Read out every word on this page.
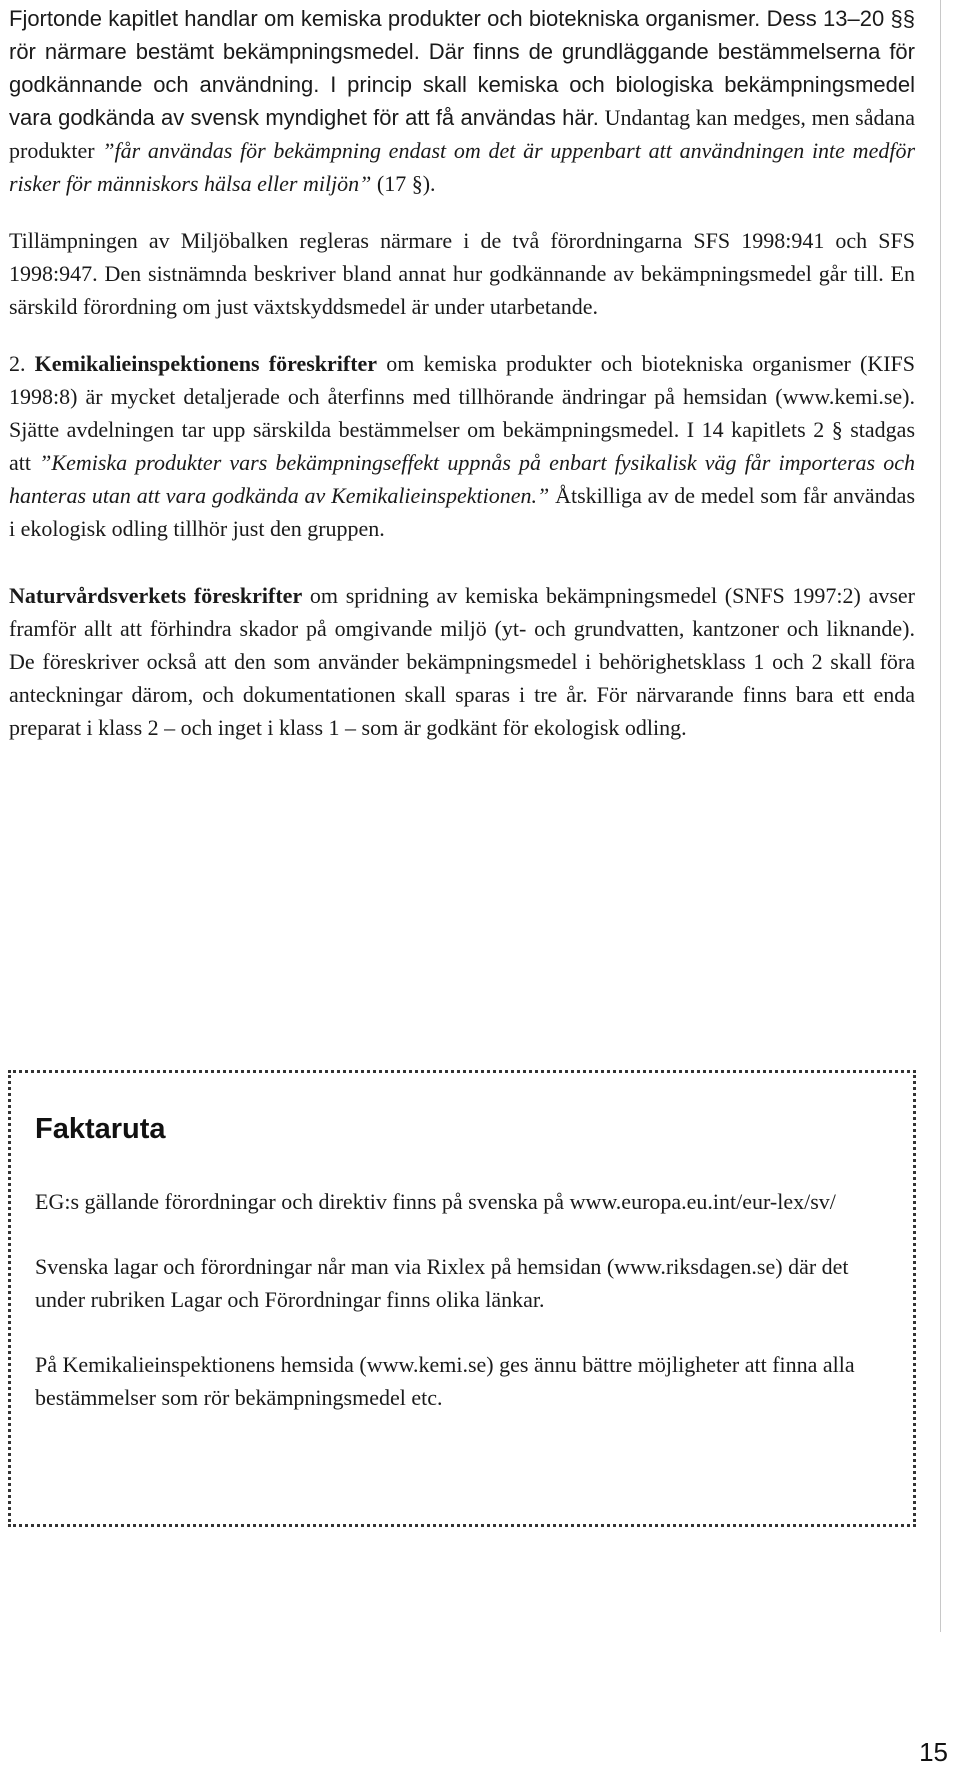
Fjortonde kapitlet handlar om kemiska produkter och biotekniska organismer. Dess 13–20 §§ rör närmare bestämt bekämpningsmedel. Där finns de grundläggande bestämmelserna för godkännande och användning. I princip skall kemiska och biologiska bekämpningsmedel vara godkända av svensk myndighet för att få användas här. Undantag kan medges, men sådana produkter ”får användas för bekämpning endast om det är uppenbart att användningen inte medför risker för människors hälsa eller miljön” (17 §).

Tillämpningen av Miljöbalken regleras närmare i de två förordningarna SFS 1998:941 och SFS 1998:947. Den sistnämnda beskriver bland annat hur godkännande av bekämpningsmedel går till. En särskild förordning om just växtskyddsmedel är under utarbetande.

2. Kemikalieinspektionens föreskrifter om kemiska produkter och biotekniska organismer (KIFS 1998:8) är mycket detaljerade och återfinns med tillhörande ändringar på hemsidan (www.kemi.se). Sjätte avdelningen tar upp särskilda bestämmelser om bekämpningsmedel. I 14 kapitlets 2 § stadgas att ”Kemiska produkter vars bekämpningseffekt uppnås på enbart fysikalisk väg får importeras och hanteras utan att vara godkända av Kemikalieinspektionen.” Åtskilliga av de medel som får användas i ekologisk odling tillhör just den gruppen.

Naturvårdsverkets föreskrifter om spridning av kemiska bekämpningsmedel (SNFS 1997:2) avser framför allt att förhindra skador på omgivande miljö (yt- och grundvatten, kantzoner och liknande). De föreskriver också att den som använder bekämpningsmedel i behörighetsklass 1 och 2 skall föra anteckningar därom, och dokumentationen skall sparas i tre år. För närvarande finns bara ett enda preparat i klass 2 – och inget i klass 1 – som är godkänt för ekologisk odling.

Faktaruta

EG:s gällande förordningar och direktiv finns på svenska på www.europa.eu.int/eur-lex/sv/

Svenska lagar och förordningar når man via Rixlex på hemsidan (www.riksdagen.se) där det under rubriken Lagar och Förordningar finns olika länkar.

På Kemikalieinspektionens hemsida (www.kemi.se) ges ännu bättre möjligheter att finna alla bestämmelser som rör bekämpningsmedel etc.

15
